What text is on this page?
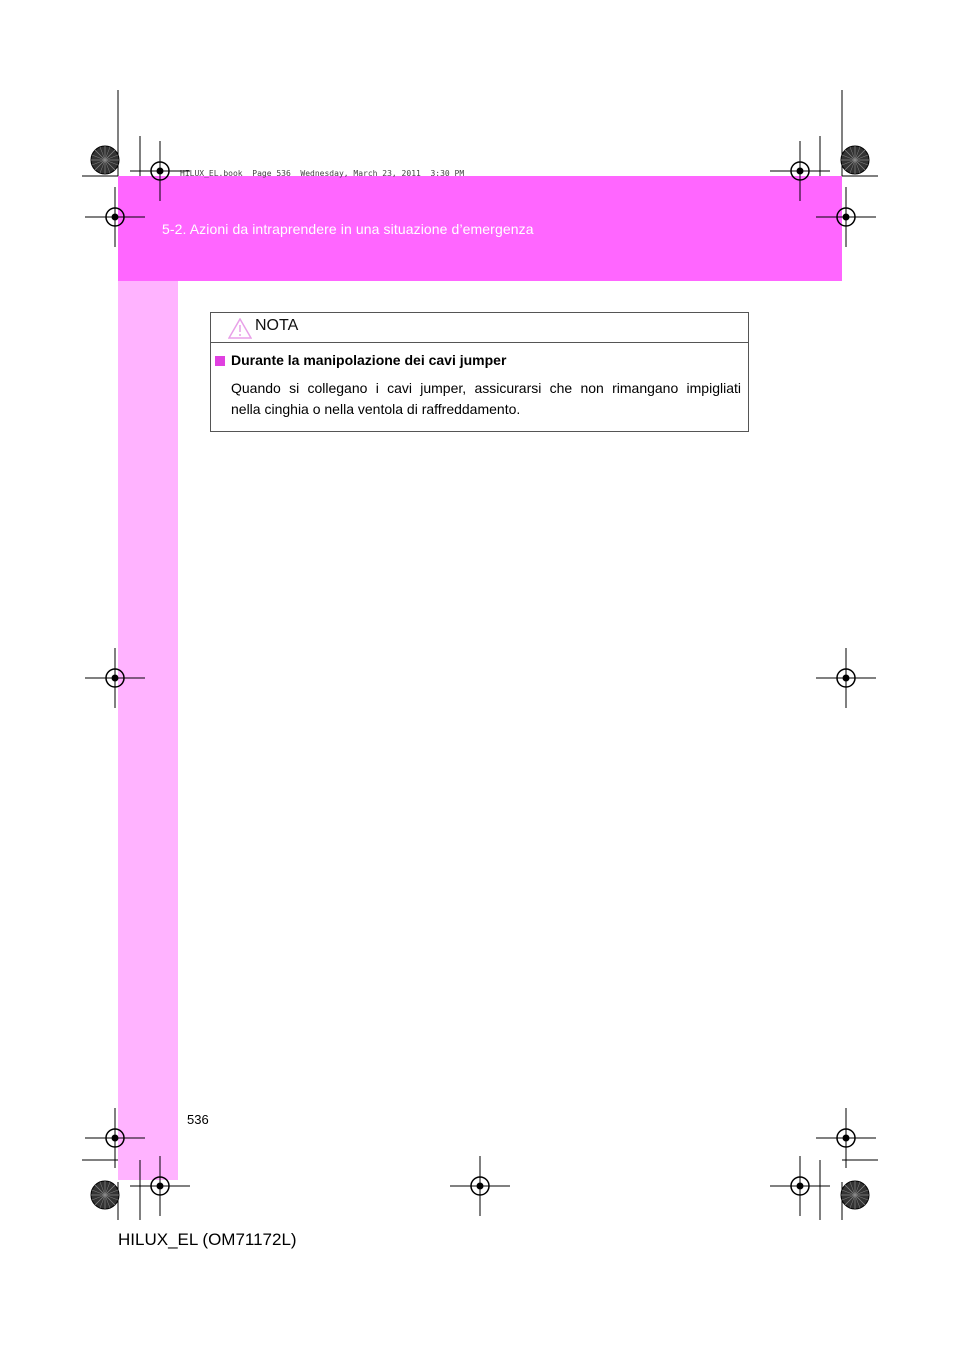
HILUX_EL.book  Page 536  Wednesday, March 23, 2011  3:30 PM
5-2. Azioni da intraprendere in una situazione d’emergenza
NOTA
Durante la manipolazione dei cavi jumper
Quando si collegano i cavi jumper, assicurarsi che non rimangano impigliati
nella cinghia o nella ventola di raffreddamento.
536
HILUX_EL (OM71172L)
